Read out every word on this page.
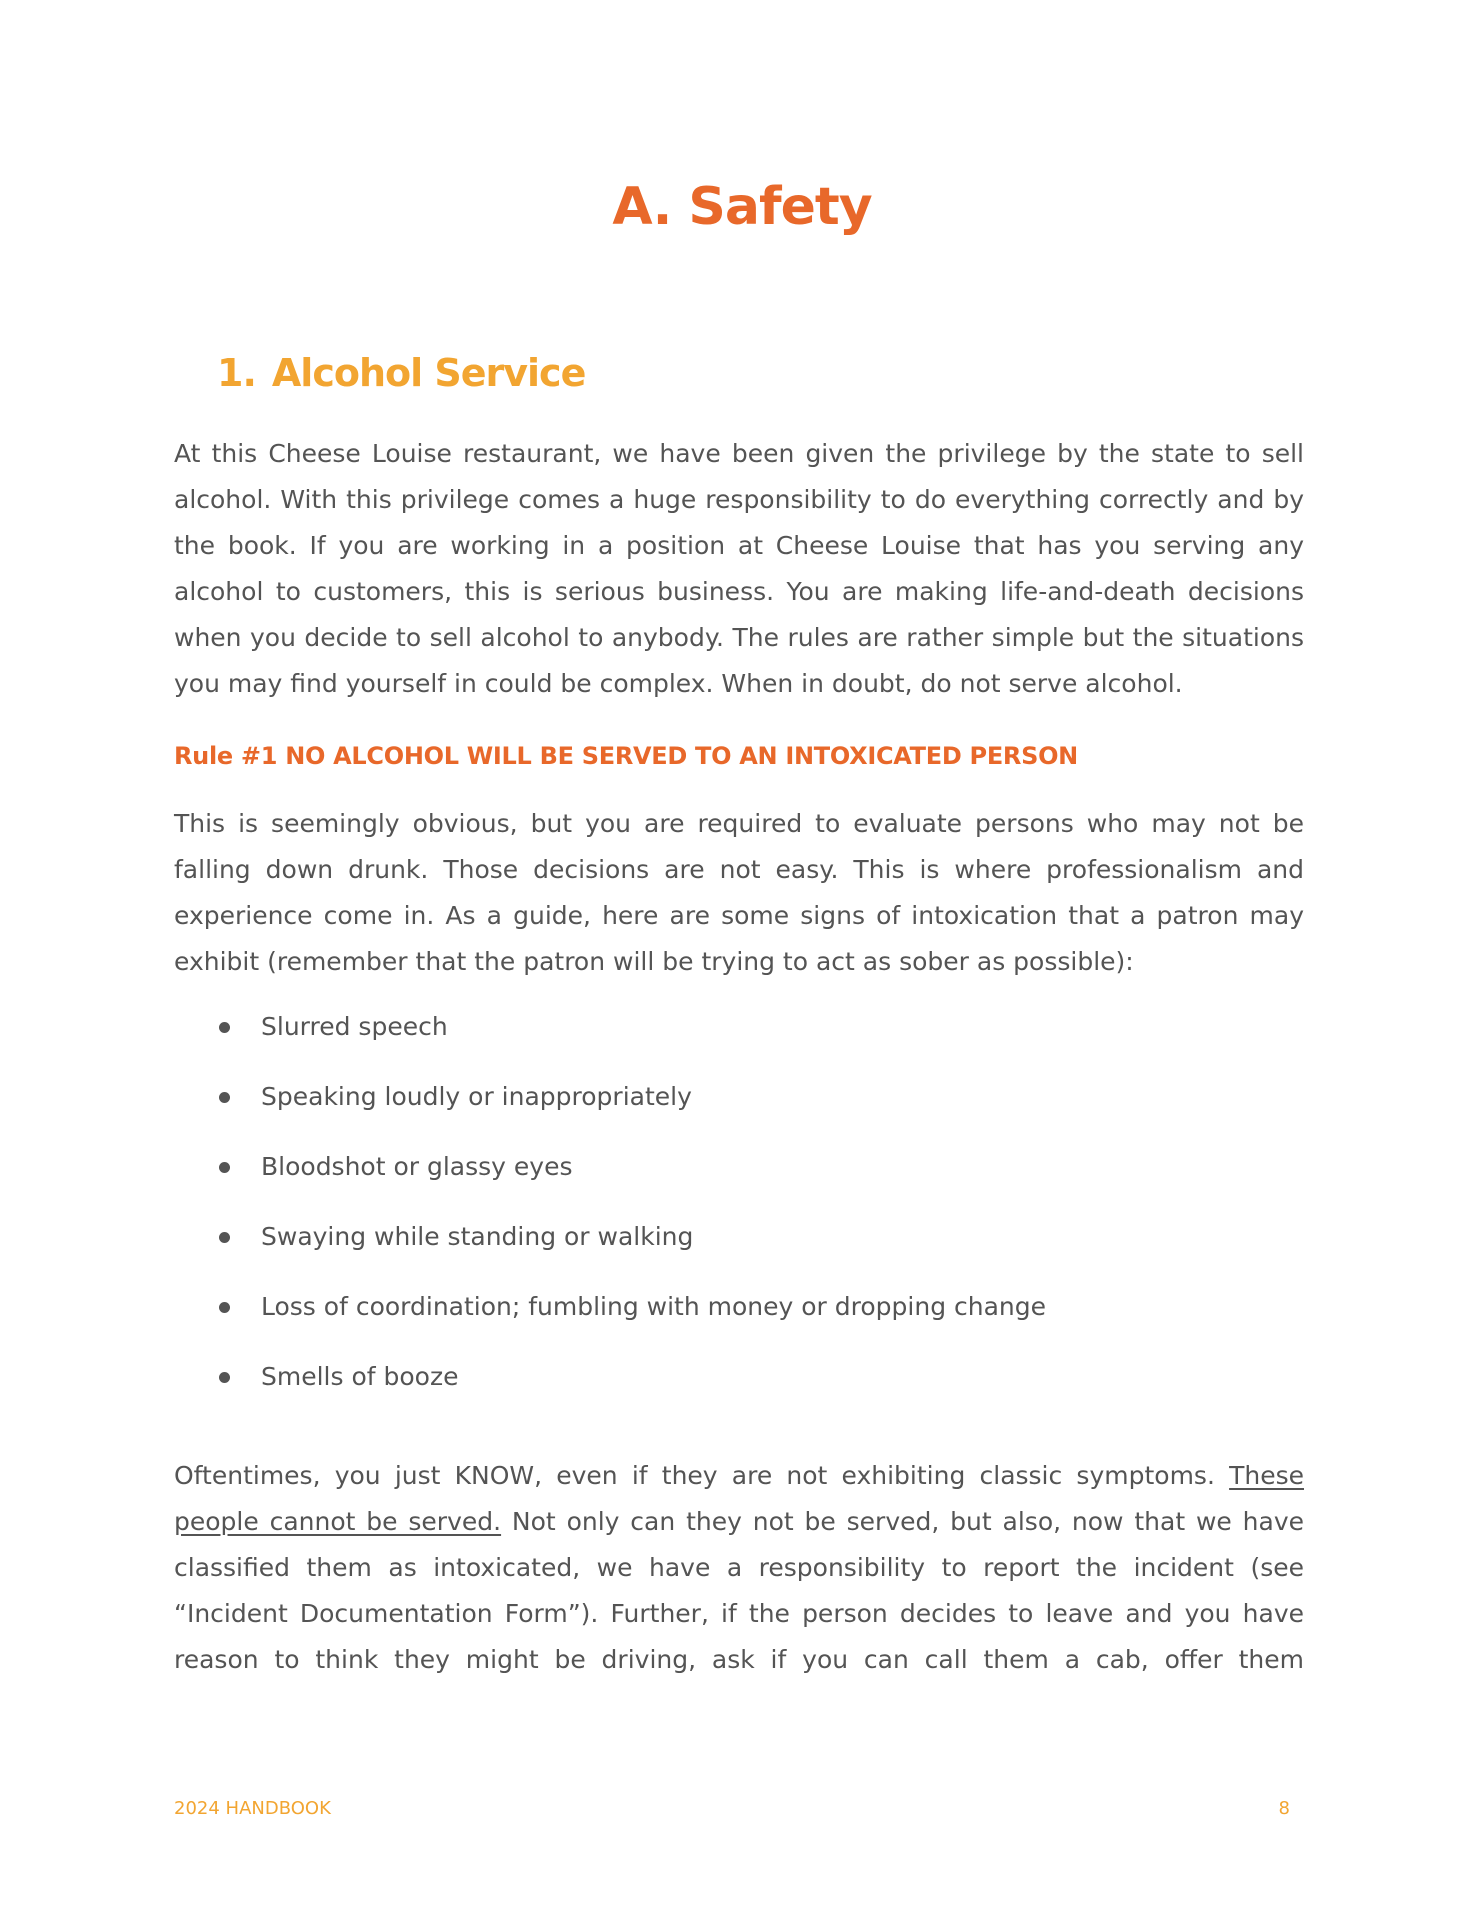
A. Safety
1. Alcohol Service

At this Cheese Louise restaurant, we have been given the privilege by the state to sell alcohol. With this privilege comes a huge responsibility to do everything correctly and by the book. If you are working in a position at Cheese Louise that has you serving any alcohol to customers, this is serious business. You are making life-and-death decisions when you decide to sell alcohol to anybody. The rules are rather simple but the situations you may find yourself in could be complex. When in doubt, do not serve alcohol.

Rule #1 NO ALCOHOL WILL BE SERVED TO AN INTOXICATED PERSON

This is seemingly obvious, but you are required to evaluate persons who may not be falling down drunk. Those decisions are not easy. This is where professionalism and experience come in. As a guide, here are some signs of intoxication that a patron may exhibit (remember that the patron will be trying to act as sober as possible):

Slurred speech
Speaking loudly or inappropriately
Bloodshot or glassy eyes
Swaying while standing or walking
Loss of coordination; fumbling with money or dropping change
Smells of booze

Oftentimes, you just KNOW, even if they are not exhibiting classic symptoms. These people cannot be served. Not only can they not be served, but also, now that we have classified them as intoxicated, we have a responsibility to report the incident (see “Incident Documentation Form”). Further, if the person decides to leave and you have reason to think they might be driving, ask if you can call them a cab, offer them

2024 HANDBOOK	8
